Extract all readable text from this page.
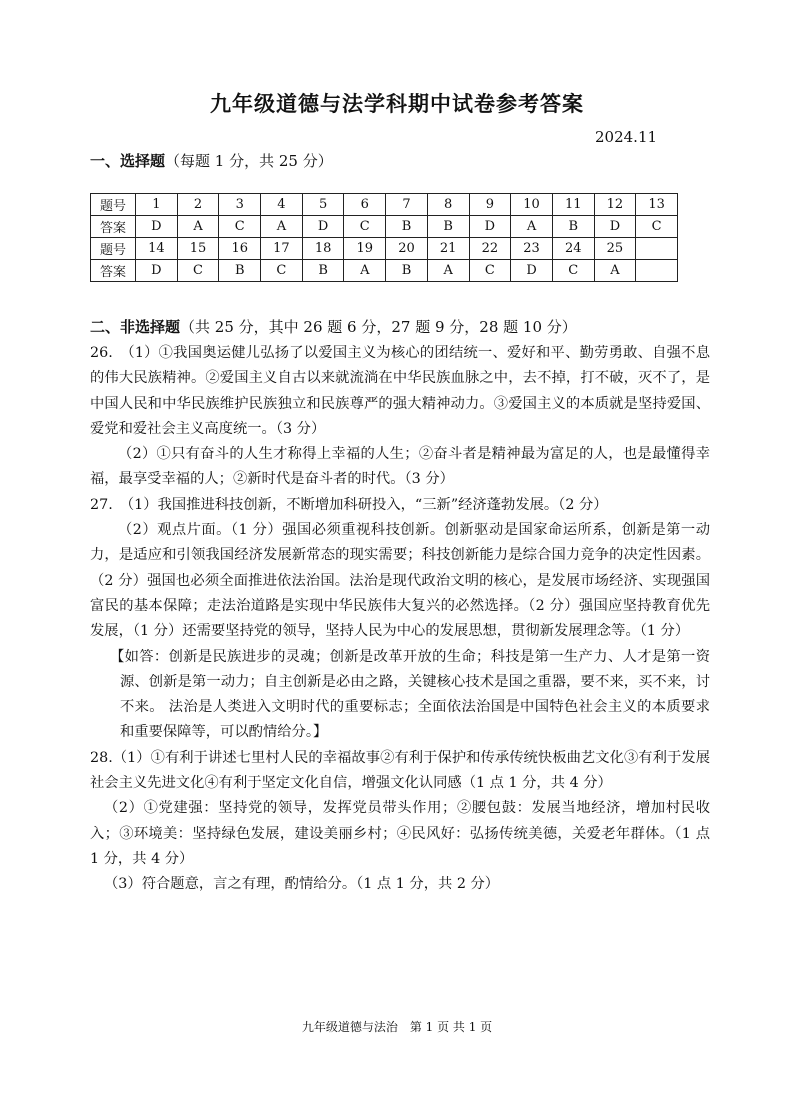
九年级道德与法学科期中试卷参考答案
2024.11
一、选择题（每题 1 分，共 25 分）
题号	1	2	3	4	5	6	7	8	9	10	11	12	13
答案	D	A	C	A	D	C	B	B	D	A	B	D	C
题号	14	15	16	17	18	19	20	21	22	23	24	25	
答案	D	C	B	C	B	A	B	A	C	D	C	A	
二、非选择题（共 25 分，其中 26 题 6 分，27 题 9 分，28 题 10 分）

26.　（1）①我国奥运健儿弘扬了以爱国主义为核心的团结统一、爱好和平、勤劳勇敢、自强不息的伟大民族精神。②爱国主义自古以来就流淌在中华民族血脉之中，去不掉，打不破，灭不了，是中国人民和中华民族维护民族独立和民族尊严的强大精神动力。③爱国主义的本质就是坚持爱国、爱党和爱社会主义高度统一。（3 分）

（2）①只有奋斗的人生才称得上幸福的人生；②奋斗者是精神最为富足的人，也是最懂得幸福，最享受幸福的人；②新时代是奋斗者的时代。（3 分）

27.　（1）我国推进科技创新，不断增加科研投入，“三新”经济蓬勃发展。（2 分）

（2）观点片面。（1 分）强国必须重视科技创新。创新驱动是国家命运所系，创新是第一动力，是适应和引领我国经济发展新常态的现实需要；科技创新能力是综合国力竞争的决定性因素。（2 分）强国也必须全面推进依法治国。法治是现代政治文明的核心，是发展市场经济、实现强国富民的基本保障；走法治道路是实现中华民族伟大复兴的必然选择。（2 分）强国应坚持教育优先发展，（1 分）还需要坚持党的领导，坚持人民为中心的发展思想，贯彻新发展理念等。（1 分）

【如答：创新是民族进步的灵魂；创新是改革开放的生命；科技是第一生产力、人才是第一资源、创新是第一动力；自主创新是必由之路，关键核心技术是国之重器，要不来，买不来，讨不来。 法治是人类进入文明时代的重要标志；全面依法治国是中国特色社会主义的本质要求和重要保障等，可以酌情给分。】

28.（1）①有利于讲述七里村人民的幸福故事②有利于保护和传承传统快板曲艺文化③有利于发展社会主义先进文化④有利于坚定文化自信，增强文化认同感（1 点 1 分，共 4 分）

（2）①党建强：坚持党的领导，发挥党员带头作用；②腰包鼓：发展当地经济，增加村民收入；③环境美：坚持绿色发展，建设美丽乡村；④民风好：弘扬传统美德，关爱老年群体。（1 点 1 分，共 4 分）

（3）符合题意，言之有理，酌情给分。（1 点 1 分，共 2 分）

九年级道德与法治　第 1 页 共 1 页
